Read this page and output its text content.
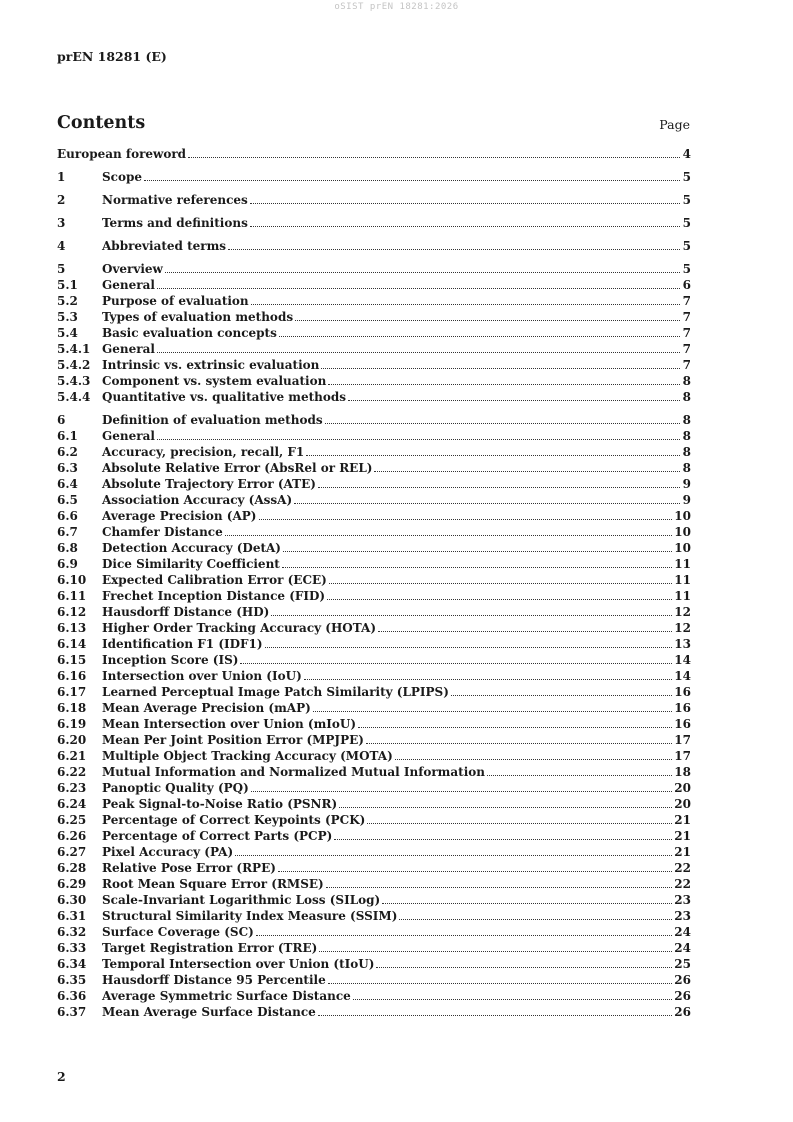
oSIST prEN 18281:2026
prEN 18281 (E)
Contents	Page
European foreword	4
1	Scope	5
2	Normative references	5
3	Terms and definitions	5
4	Abbreviated terms	5
5	Overview	5
5.1	General	6
5.2	Purpose of evaluation	7
5.3	Types of evaluation methods	7
5.4	Basic evaluation concepts	7
5.4.1 General	7
5.4.2 Intrinsic vs. extrinsic evaluation	7
5.4.3 Component vs. system evaluation	8
5.4.4 Quantitative vs. qualitative methods	8
6	Definition of evaluation methods	8
6.1	General	8
6.2	Accuracy, precision, recall, F1	8
6.3	Absolute Relative Error (AbsRel or REL)	8
6.4	Absolute Trajectory Error (ATE)	9
6.5	Association Accuracy (AssA)	9
6.6	Average Precision (AP)	10
6.7	Chamfer Distance	10
6.8	Detection Accuracy (DetA)	10
6.9	Dice Similarity Coefficient	11
6.10	Expected Calibration Error (ECE)	11
6.11	Frechet Inception Distance (FID)	11
6.12	Hausdorff Distance (HD)	12
6.13	Higher Order Tracking Accuracy (HOTA)	12
6.14	Identification F1 (IDF1)	13
6.15	Inception Score (IS)	14
6.16	Intersection over Union (IoU)	14
6.17	Learned Perceptual Image Patch Similarity (LPIPS)	16
6.18	Mean Average Precision (mAP)	16
6.19	Mean Intersection over Union (mIoU)	16
6.20	Mean Per Joint Position Error (MPJPE)	17
6.21	Multiple Object Tracking Accuracy (MOTA)	17
6.22	Mutual Information and Normalized Mutual Information	18
6.23	Panoptic Quality (PQ)	20
6.24	Peak Signal-to-Noise Ratio (PSNR)	20
6.25	Percentage of Correct Keypoints (PCK)	21
6.26	Percentage of Correct Parts (PCP)	21
6.27	Pixel Accuracy (PA)	21
6.28	Relative Pose Error (RPE)	22
6.29	Root Mean Square Error (RMSE)	22
6.30	Scale-Invariant Logarithmic Loss (SILog)	23
6.31	Structural Similarity Index Measure (SSIM)	23
6.32	Surface Coverage (SC)	24
6.33	Target Registration Error (TRE)	24
6.34	Temporal Intersection over Union (tIoU)	25
6.35	Hausdorff Distance 95 Percentile	26
6.36	Average Symmetric Surface Distance	26
6.37	Mean Average Surface Distance	26
2
